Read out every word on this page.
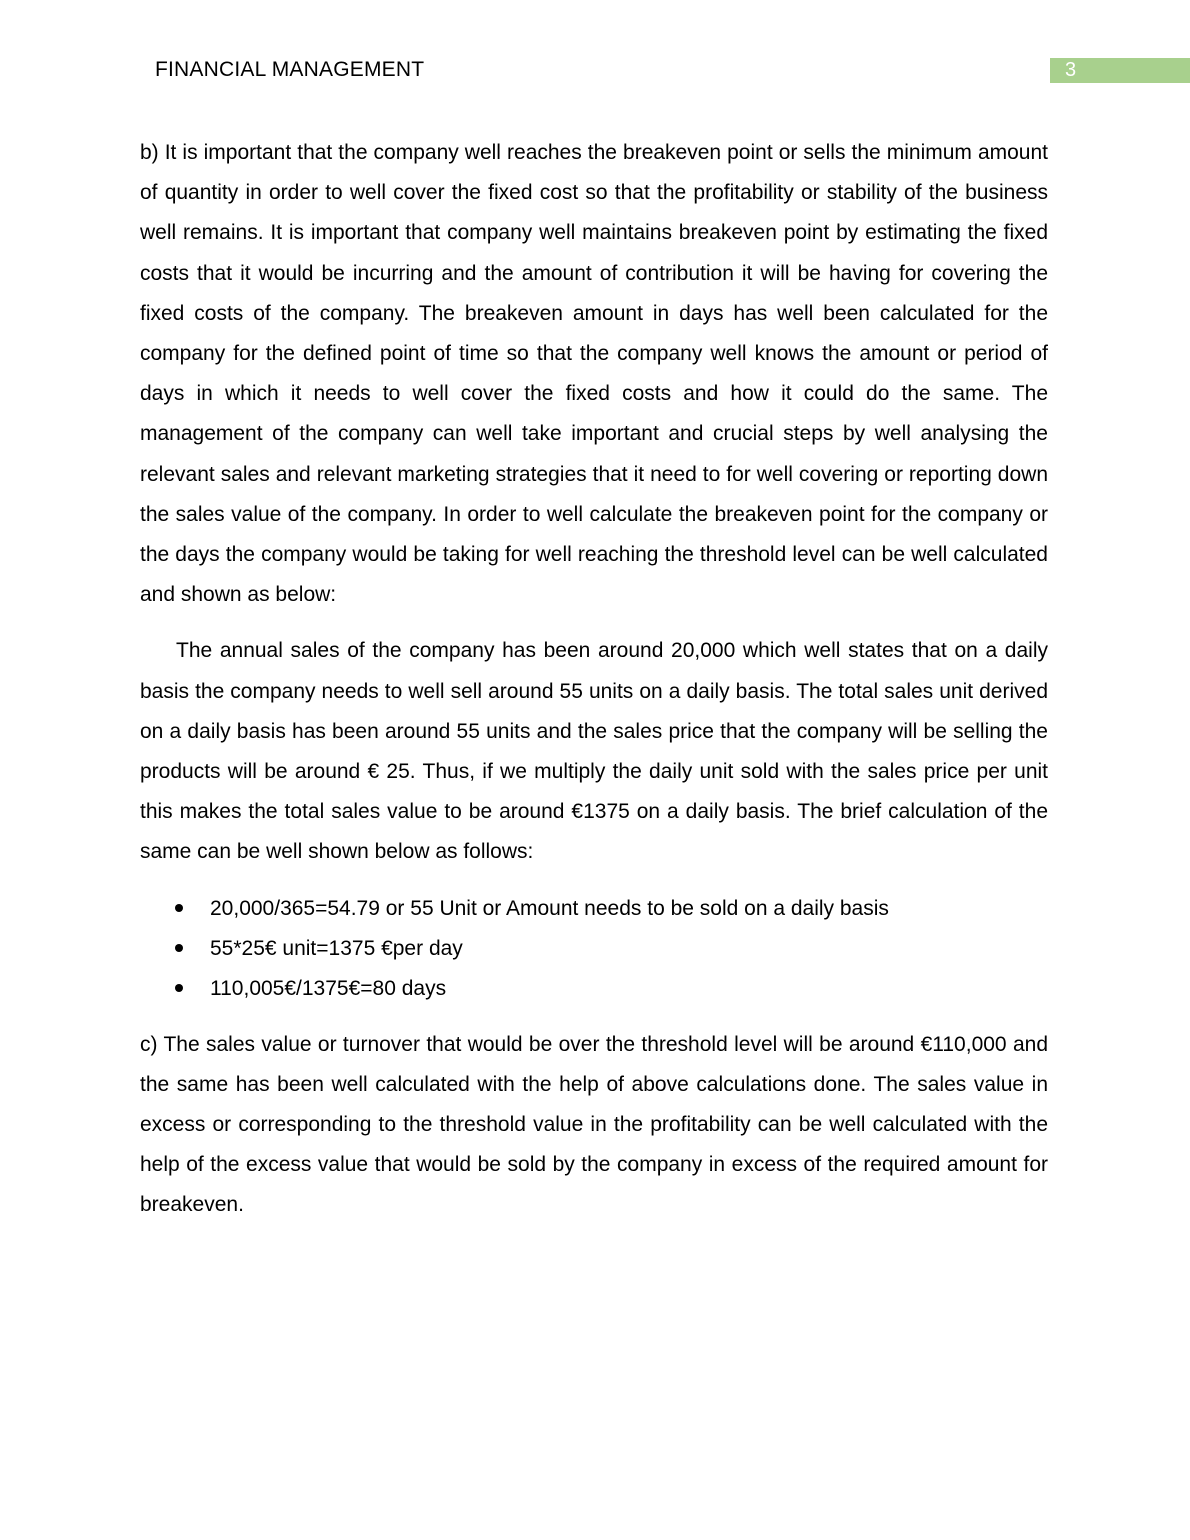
FINANCIAL MANAGEMENT	3

b) It is important that the company well reaches the breakeven point or sells the minimum amount of quantity in order to well cover the fixed cost so that the profitability or stability of the business well remains. It is important that company well maintains breakeven point by estimating the fixed costs that it would be incurring and the amount of contribution it will be having for covering the fixed costs of the company. The breakeven amount in days has well been calculated for the company for the defined point of time so that the company well knows the amount or period of days in which it needs to well cover the fixed costs and how it could do the same. The management of the company can well take important and crucial steps by well analysing the relevant sales and relevant marketing strategies that it need to for well covering or reporting down the sales value of the company. In order to well calculate the breakeven point for the company or the days the company would be taking for well reaching the threshold level can be well calculated and shown as below:

The annual sales of the company has been around 20,000 which well states that on a daily basis the company needs to well sell around 55 units on a daily basis. The total sales unit derived on a daily basis has been around 55 units and the sales price that the company will be selling the products will be around € 25. Thus, if we multiply the daily unit sold with the sales price per unit this makes the total sales value to be around €1375 on a daily basis. The brief calculation of the same can be well shown below as follows:

20,000/365=54.79 or 55 Unit or Amount needs to be sold on a daily basis
55*25€ unit=1375 €per day
110,005€/1375€=80 days

c) The sales value or turnover that would be over the threshold level will be around €110,000 and the same has been well calculated with the help of above calculations done. The sales value in excess or corresponding to the threshold value in the profitability can be well calculated with the help of the excess value that would be sold by the company in excess of the required amount for breakeven.
